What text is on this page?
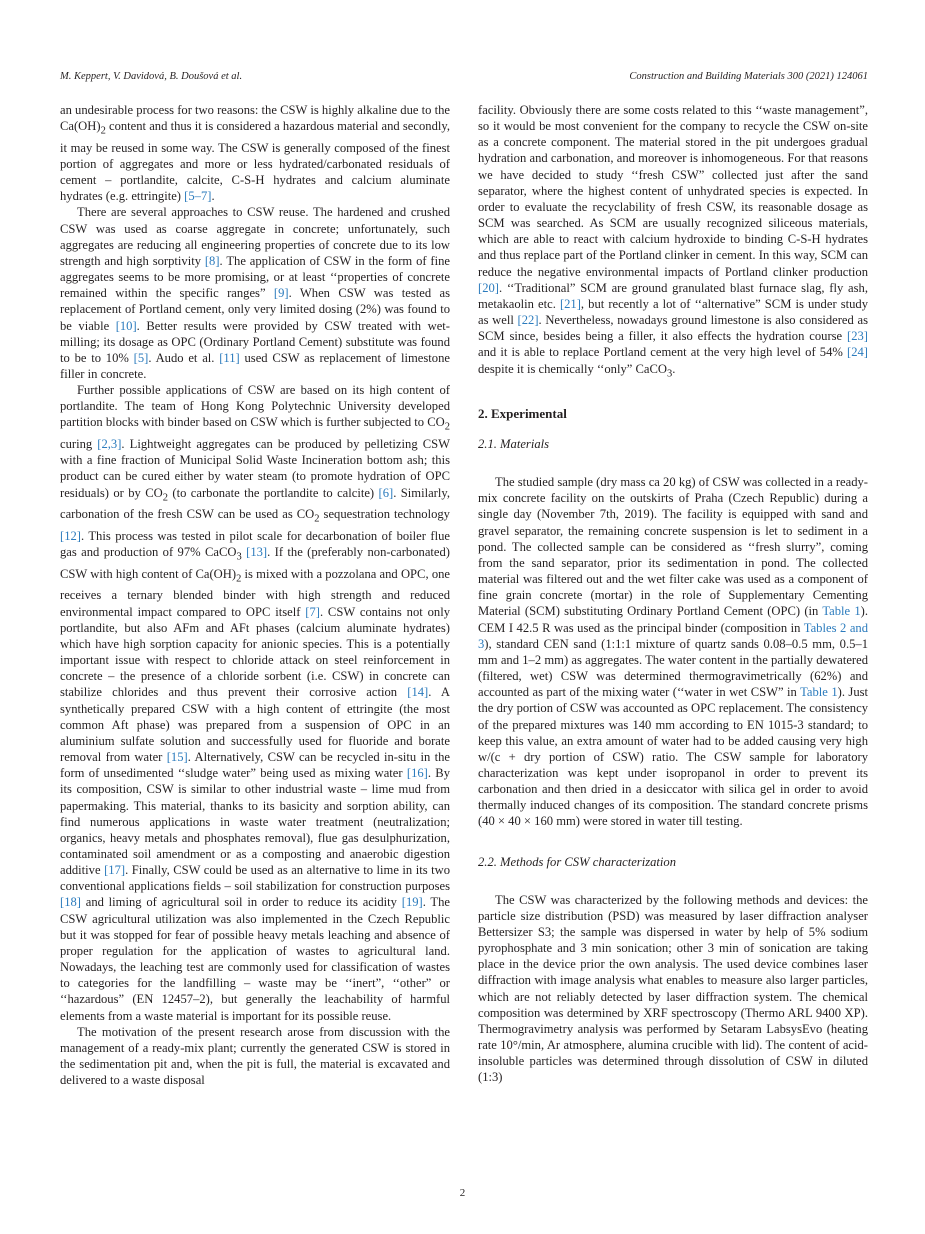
M. Keppert, V. Davidová, B. Doušová et al.	Construction and Building Materials 300 (2021) 124061

an undesirable process for two reasons: the CSW is highly alkaline due to the $Ca(OH)_2$ content and thus it is considered a hazardous material and secondly, it may be reused in some way. The CSW is generally composed of the finest portion of aggregates and more or less hydrated/carbonated residuals of cement – portlandite, calcite, C-S-H hydrates and calcium aluminate hydrates (e.g. ettringite) [5–7].

There are several approaches to CSW reuse. The hardened and crushed CSW was used as coarse aggregate in concrete; unfortunately, such aggregates are reducing all engineering properties of concrete due to its low strength and high sorptivity [8]. The application of CSW in the form of fine aggregates seems to be more promising, or at least ‘‘properties of concrete remained within the specific ranges” [9]. When CSW was tested as replacement of Portland cement, only very limited dosing (2%) was found to be viable [10]. Better results were provided by CSW treated with wet-milling; its dosage as OPC (Ordinary Portland Cement) substitute was found to be to 10% [5]. Audo et al. [11] used CSW as replacement of limestone filler in concrete.

Further possible applications of CSW are based on its high content of portlandite. The team of Hong Kong Polytechnic University developed partition blocks with binder based on CSW which is further subjected to $CO_2$ curing [2,3]. Lightweight aggregates can be produced by pelletizing CSW with a fine fraction of Municipal Solid Waste Incineration bottom ash; this product can be cured either by water steam (to promote hydration of OPC residuals) or by $CO_2$ (to carbonate the portlandite to calcite) [6]. Similarly, carbonation of the fresh CSW can be used as $CO_2$ sequestration technology [12]. This process was tested in pilot scale for decarbonation of boiler flue gas and production of 97% CaCO$_3$ [13]. If the (preferably non-carbonated) CSW with high content of $Ca(OH)_2$ is mixed with a pozzolana and OPC, one receives a ternary blended binder with high strength and reduced environmental impact compared to OPC itself [7]. CSW contains not only portlandite, but also AFm and AFt phases (calcium aluminate hydrates) which have high sorption capacity for anionic species. This is a potentially important issue with respect to chloride attack on steel reinforcement in concrete – the presence of a chloride sorbent (i.e. CSW) in concrete can stabilize chlorides and thus prevent their corrosive action [14]. A synthetically prepared CSW with a high content of ettringite (the most common Aft phase) was prepared from a suspension of OPC in an aluminium sulfate solution and successfully used for fluoride and borate removal from water [15]. Alternatively, CSW can be recycled in-situ in the form of unsedimented ‘‘sludge water” being used as mixing water [16]. By its composition, CSW is similar to other industrial waste – lime mud from papermaking. This material, thanks to its basicity and sorption ability, can find numerous applications in waste water treatment (neutralization; organics, heavy metals and phosphates removal), flue gas desulphurization, contaminated soil amendment or as a composting and anaerobic digestion additive [17]. Finally, CSW could be used as an alternative to lime in its two conventional applications fields – soil stabilization for construction purposes [18] and liming of agricultural soil in order to reduce its acidity [19]. The CSW agricultural utilization was also implemented in the Czech Republic but it was stopped for fear of possible heavy metals leaching and absence of proper regulation for the application of wastes to agricultural land. Nowadays, the leaching test are commonly used for classification of wastes to categories for the landfilling – waste may be ‘‘inert”, ‘‘other” or ‘‘hazardous” (EN 12457–2), but generally the leachability of harmful elements from a waste material is important for its possible reuse.

The motivation of the present research arose from discussion with the management of a ready-mix plant; currently the generated CSW is stored in the sedimentation pit and, when the pit is full, the material is excavated and delivered to a waste disposal

facility. Obviously there are some costs related to this ‘‘waste management”, so it would be most convenient for the company to recycle the CSW on-site as a concrete component. The material stored in the pit undergoes gradual hydration and carbonation, and moreover is inhomogeneous. For that reasons we have decided to study ‘‘fresh CSW” collected just after the sand separator, where the highest content of unhydrated species is expected. In order to evaluate the recyclability of fresh CSW, its reasonable dosage as SCM was searched. As SCM are usually recognized siliceous materials, which are able to react with calcium hydroxide to binding C-S-H hydrates and thus replace part of the Portland clinker in cement. In this way, SCM can reduce the negative environmental impacts of Portland clinker production [20]. ‘‘Traditional” SCM are ground granulated blast furnace slag, fly ash, metakaolin etc. [21], but recently a lot of ‘‘alternative” SCM is under study as well [22]. Nevertheless, nowadays ground limestone is also considered as SCM since, besides being a filler, it also effects the hydration course [23] and it is able to replace Portland cement at the very high level of 54% [24] despite it is chemically ‘‘only” CaCO$_3$.

2. Experimental
2.1. Materials

The studied sample (dry mass ca 20 kg) of CSW was collected in a ready-mix concrete facility on the outskirts of Praha (Czech Republic) during a single day (November 7th, 2019). The facility is equipped with sand and gravel separator, the remaining concrete suspension is let to sediment in a pond. The collected sample can be considered as ‘‘fresh slurry”, coming from the sand separator, prior its sedimentation in pond. The collected material was filtered out and the wet filter cake was used as a component of fine grain concrete (mortar) in the role of Supplementary Cementing Material (SCM) substituting Ordinary Portland Cement (OPC) (in Table 1). CEM I 42.5 R was used as the principal binder (composition in Tables 2 and 3), standard CEN sand (1:1:1 mixture of quartz sands 0.08–0.5 mm, 0.5–1 mm and 1–2 mm) as aggregates. The water content in the partially dewatered (filtered, wet) CSW was determined thermogravimetrically (62%) and accounted as part of the mixing water (‘‘water in wet CSW” in Table 1). Just the dry portion of CSW was accounted as OPC replacement. The consistency of the prepared mixtures was 140 mm according to EN 1015-3 standard; to keep this value, an extra amount of water had to be added causing very high w/(c + dry portion of CSW) ratio. The CSW sample for laboratory characterization was kept under isopropanol in order to prevent its carbonation and then dried in a desiccator with silica gel in order to avoid thermally induced changes of its composition. The standard concrete prisms (40 × 40 × 160 mm) were stored in water till testing.

2.2. Methods for CSW characterization

The CSW was characterized by the following methods and devices: the particle size distribution (PSD) was measured by laser diffraction analyser Bettersizer S3; the sample was dispersed in water by help of 5% sodium pyrophosphate and 3 min sonication; other 3 min of sonication are taking place in the device prior the own analysis. The used device combines laser diffraction with image analysis what enables to measure also larger particles, which are not reliably detected by laser diffraction system. The chemical composition was determined by XRF spectroscopy (Thermo ARL 9400 XP). Thermogravimetry analysis was performed by Setaram LabsysEvo (heating rate 10°/min, Ar atmosphere, alumina crucible with lid). The content of acid-insoluble particles was determined through dissolution of CSW in diluted (1:3)

2
